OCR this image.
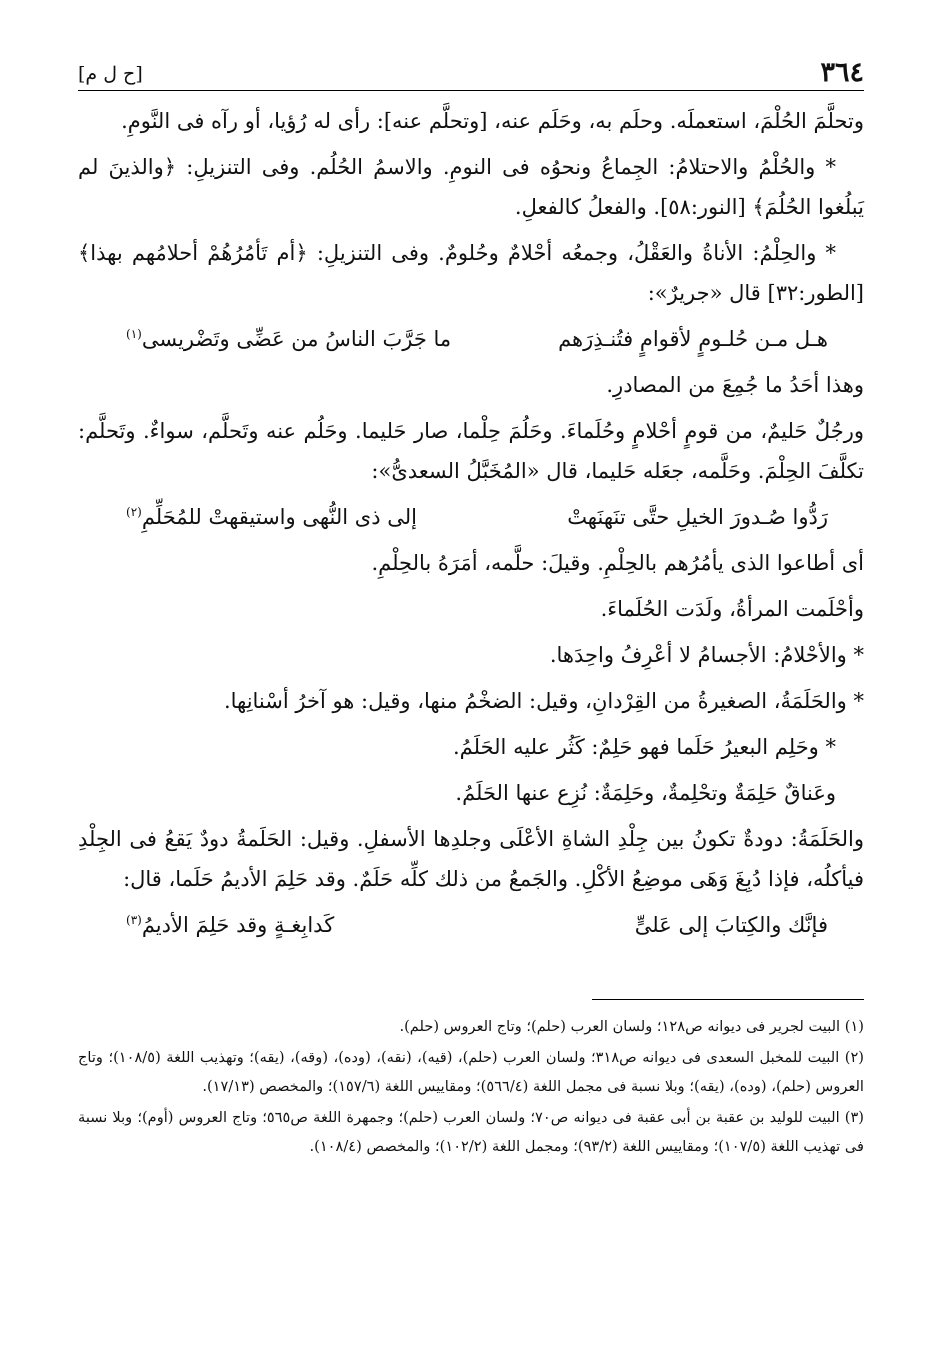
٣٦٤
[ح ل م]

وتحلَّمَ الحُلْمَ، استعملَه. وحلَم به، وحَلَم عنه، [وتحلَّم عنه]: رأى له رُؤيا، أو رآه فى النَّومِ.

* والحُلْمُ والاحتلامُ: الجِماعُ ونحوُه فى النومِ. والاسمُ الحُلُم. وفى التنزيلِ: ﴿والذينَ لم يَبلُغوا الحُلُمَ﴾ [النور:٥٨]. والفعلُ كالفعلِ.

* والحِلْمُ: الأناةُ والعَقْلُ، وجمعُه أحْلامٌ وحُلومٌ. وفى التنزيلِ: ﴿أم تَأمُرُهُمْ أحلامُهم بهذا﴾ [الطور:٣٢] قال «جريرٌ»:

هـل مـن حُلـومٍ لأقوامٍ فتُنـذِرَهم
ما جَرَّبَ الناسُ من عَضِّى وتَضْريسى$^{(١)}$

وهذا أحَدُ ما جُمِعَ من المصادرِ.

ورجُلٌ حَليمٌ، من قومٍ أحْلامٍ وحُلَماءَ. وحَلُمَ حِلْما، صار حَليما. وحَلُم عنه وتَحلَّم، سواءٌ. وتَحلَّم: تكلَّفَ الحِلْمَ. وحَلَّمه، جعَله حَليما، قال «المُخَبَّلُ السعدىُّ»:

رَدُّوا صُـدورَ الخيلِ حتَّى تنَهنَهتْ
إلى ذى النُّهى واستيقهتْ للمُحَلِّمِ$^{(٢)}$

أى أطاعوا الذى يأمُرُهم بالحِلْمِ. وقيلَ: حلَّمه، أمَرَهُ بالحِلْمِ.

وأحْلَمت المرأةُ، ولَدَت الحُلَماءَ.

* والأحْلامُ: الأجسامُ لا أعْرِفُ واحِدَها.

* والحَلَمَةُ، الصغيرةُ من القِرْدانِ، وقيل: الضخْمُ منها، وقيل: هو آخرُ أسْنانِها.

* وحَلِم البعيرُ حَلَما فهو حَلِمٌ: كَثُر عليه الحَلَمُ.

وعَناقٌ حَلِمَةٌ وتحْلِمةٌ، وحَلِمَةٌ: نُزِع عنها الحَلَمُ.

والحَلَمَةُ: دودةٌ تكونُ بين جِلْدِ الشاةِ الأعْلَى وجلدِها الأسفلِ. وقيل: الحَلَمةُ دودٌ يَقعُ فى الجِلْدِ فيأكلُه، فإذا دُبِغَ وَهَى موضِعُ الأكْلِ. والجَمعُ من ذلك كلِّه حَلَمٌ. وقد حَلِمَ الأديمُ حَلَما، قال:

فإنَّك والكِتابَ إلى عَلىٍّ
كَدابِغـةٍ وقد حَلِمَ الأديمُ$^{(٣)}$

(١) البيت لجرير فى ديوانه ص١٢٨؛ ولسان العرب (حلم)؛ وتاج العروس (حلم).

(٢) البيت للمخبل السعدى فى ديوانه ص٣١٨؛ ولسان العرب (حلم)، (قيه)، (نقه)، (وده)، (وقه)، (يقه)؛ وتهذيب اللغة (١٠٨/٥)؛ وتاج العروس (حلم)، (وده)، (يقه)؛ وبلا نسبة فى مجمل اللغة (٥٦٦/٤)؛ ومقاييس اللغة (١٥٧/٦)؛ والمخصص (١٧/١٣).

(٣) البيت للوليد بن عقبة بن أبى عقبة فى ديوانه ص٧٠؛ ولسان العرب (حلم)؛ وجمهرة اللغة ص٥٦٥؛ وتاج العروس (أوم)؛ وبلا نسبة فى تهذيب اللغة (١٠٧/٥)؛ ومقاييس اللغة (٩٣/٢)؛ ومجمل اللغة (١٠٢/٢)؛ والمخصص (١٠٨/٤).
